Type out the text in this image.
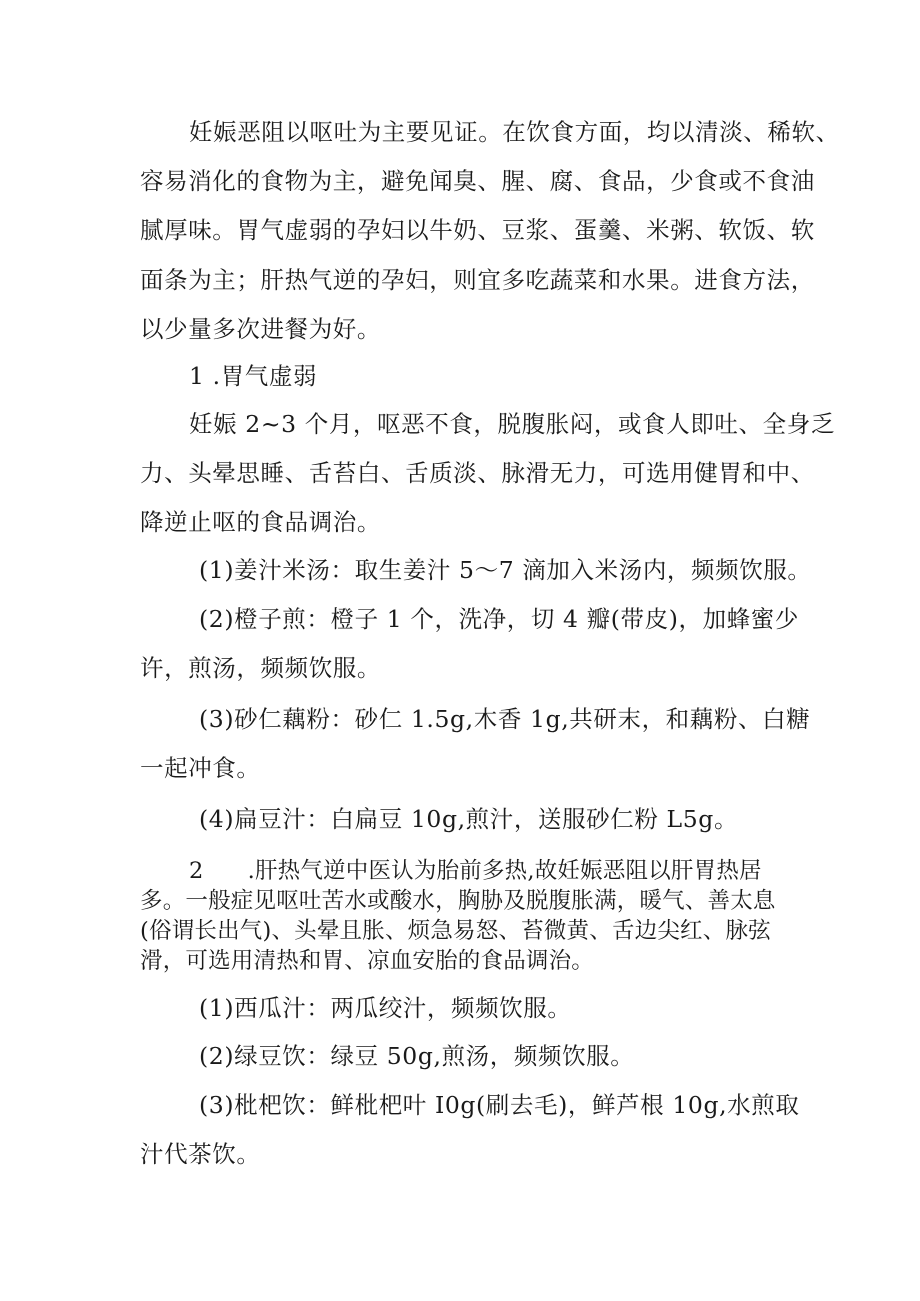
妊娠恶阻以呕吐为主要见证。在饮食方面，均以清淡、稀软、
容易消化的食物为主，避免闻臭、腥、腐、食品，少食或不食油
腻厚味。胃气虚弱的孕妇以牛奶、豆浆、蛋羹、米粥、软饭、软
面条为主；肝热气逆的孕妇，则宜多吃蔬菜和水果。进食方法，
以少量多次进餐为好。
1 .胃气虚弱
妊娠 2~3 个月，呕恶不食，脱腹胀闷，或食人即吐、全身乏
力、头晕思睡、舌苔白、舌质淡、脉滑无力，可选用健胃和中、
降逆止呕的食品调治。
(1)姜汁米汤：取生姜汁 5～7 滴加入米汤内，频频饮服。
(2)橙子煎：橙子 1 个，洗净，切 4 瓣(带皮)，加蜂蜜少
许，煎汤，频频饮服。
(3)砂仁藕粉：砂仁 1.5g,木香 1g,共研末，和藕粉、白糖
一起冲食。
(4)扁豆汁：白扁豆 10g,煎汁，送服砂仁粉 L5g。
2      .肝热气逆中医认为胎前多热,故妊娠恶阻以肝胃热居
多。一般症见呕吐苦水或酸水，胸胁及脱腹胀满，暖气、善太息
(俗谓长出气)、头晕且胀、烦急易怒、苔微黄、舌边尖红、脉弦
滑，可选用清热和胃、凉血安胎的食品调治。
(1)西瓜汁：两瓜绞汁，频频饮服。
(2)绿豆饮：绿豆 50g,煎汤，频频饮服。
(3)枇杷饮：鲜枇杷叶 I0g(刷去毛)，鲜芦根 10g,水煎取
汁代茶饮。
